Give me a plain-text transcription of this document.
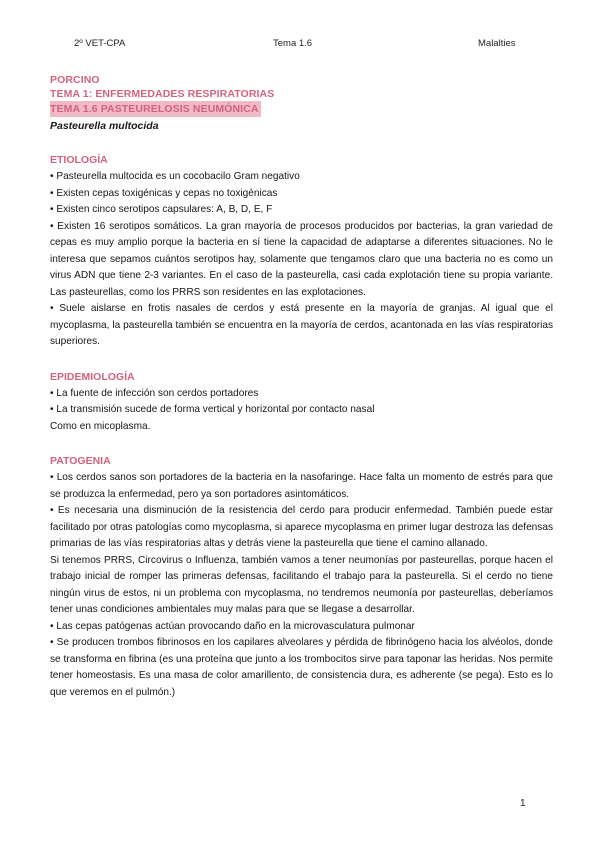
2º VET-CPA	Tema 1.6	Malalties
PORCINO
TEMA 1: ENFERMEDADES RESPIRATORIAS
TEMA 1.6 PASTEURELOSIS NEUMÓNICA
Pasteurella multocida
ETIOLOGÍA

• Pasteurella multocida es un cocobacilo Gram negativo

• Existen cepas toxigénicas y cepas no toxigénicas

• Existen cinco serotipos capsulares: A, B, D, E, F

• Existen 16 serotipos somáticos. La gran mayoría de procesos producidos por bacterias, la gran variedad de cepas es muy amplio porque la bacteria en sí tiene la capacidad de adaptarse a diferentes situaciones. No le interesa que sepamos cuántos serotipos hay, solamente que tengamos claro que una bacteria no es como un virus ADN que tiene 2-3 variantes. En el caso de la pasteurella, casi cada explotación tiene su propia variante. Las pasteurellas, como los PRRS son residentes en las explotaciones.

• Suele aislarse en frotis nasales de cerdos y está presente en la mayoría de granjas. Al igual que el mycoplasma, la pasteurella también se encuentra en la mayoría de cerdos, acantonada en las vías respiratorias superiores.

EPIDEMIOLOGÍA

• La fuente de infección son cerdos portadores

• La transmisión sucede de forma vertical y horizontal por contacto nasal

Como en micoplasma.

PATOGENIA

• Los cerdos sanos son portadores de la bacteria en la nasofaringe. Hace falta un momento de estrés para que se produzca la enfermedad, pero ya son portadores asintomáticos.

• Es necesaria una disminución de la resistencia del cerdo para producir enfermedad. También puede estar facilitado por otras patologías como mycoplasma, si aparece mycoplasma en primer lugar destroza las defensas primarias de las vías respiratorias altas y detrás viene la pasteurella que tiene el camino allanado.

Si tenemos PRRS, Circovirus o Influenza, también vamos a tener neumonías por pasteurellas, porque hacen el trabajo inicial de romper las primeras defensas, facilitando el trabajo para la pasteurella. Si el cerdo no tiene ningún virus de estos, ni un problema con mycoplasma, no tendremos neumonía por pasteurellas, deberíamos tener unas condiciones ambientales muy malas para que se llegase a desarrollar.

• Las cepas patógenas actúan provocando daño en la microvasculatura pulmonar

• Se producen trombos fibrinosos en los capilares alveolares y pérdida de fibrinógeno hacia los alvéolos, donde se transforma en fibrina (es una proteína que junto a los trombocitos sirve para taponar las heridas. Nos permite tener homeostasis. Es una masa de color amarillento, de consistencia dura, es adherente (se pega). Esto es lo que veremos en el pulmón.)

1
